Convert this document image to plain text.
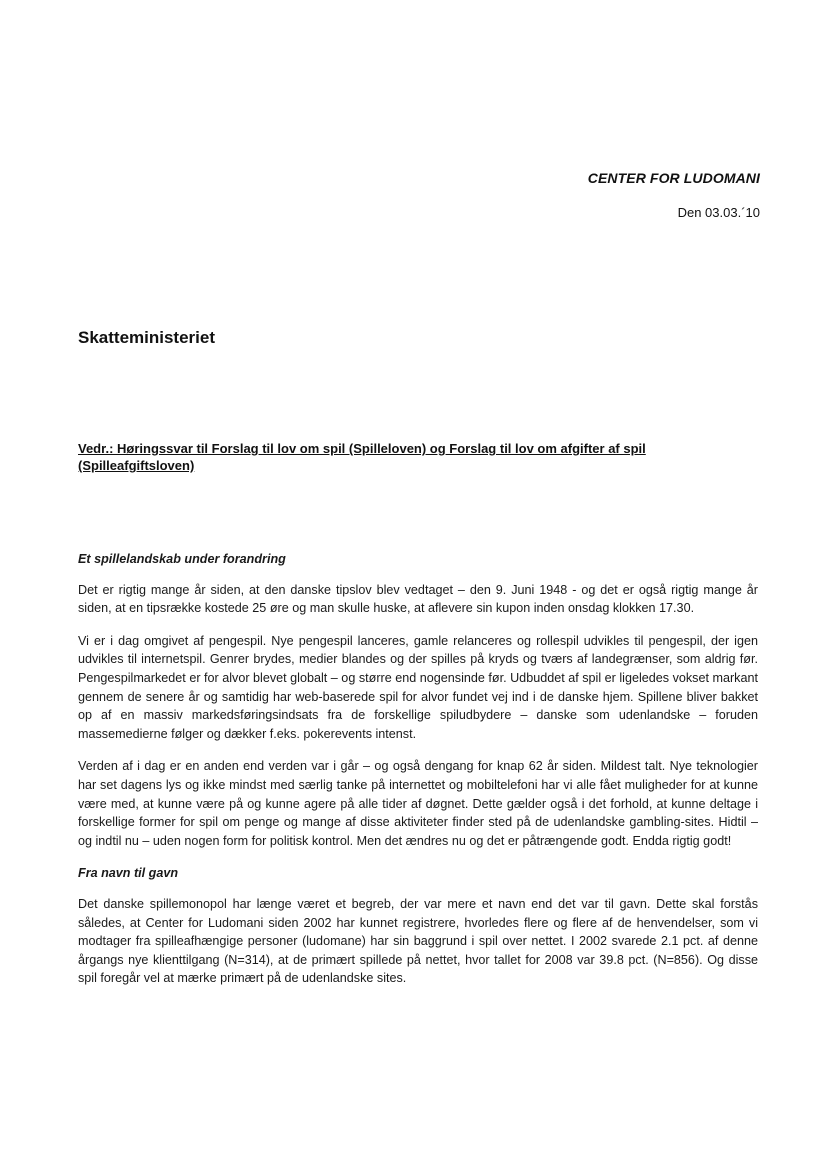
CENTER FOR LUDOMANI
Den 03.03.´10
Skatteministeriet
Vedr.: Høringssvar til Forslag til lov om spil (Spilleloven) og Forslag til lov om afgifter af spil (Spilleafgiftsloven)
Et spillelandskab under forandring

Det er rigtig mange år siden, at den danske tipslov blev vedtaget – den 9. Juni 1948 - og det er også rigtig mange år siden, at en tipsrække kostede 25 øre og man skulle huske, at aflevere sin kupon inden onsdag klokken 17.30.

Vi er i dag omgivet af pengespil. Nye pengespil lanceres, gamle relanceres og rollespil udvikles til pengespil, der igen udvikles til internetspil. Genrer brydes, medier blandes og der spilles på kryds og tværs af landegrænser, som aldrig før. Pengespilmarkedet er for alvor blevet globalt – og større end nogensinde før. Udbuddet af spil er ligeledes vokset markant gennem de senere år og samtidig har web-baserede spil for alvor fundet vej ind i de danske hjem. Spillene bliver bakket op af en massiv markedsføringsindsats fra de forskellige spiludbydere – danske som udenlandske – foruden massemedierne følger og dækker f.eks. pokerevents intenst.

Verden af i dag er en anden end verden var i går – og også dengang for knap 62 år siden. Mildest talt. Nye teknologier har set dagens lys og ikke mindst med særlig tanke på internettet og mobiltelefoni har vi alle fået muligheder for at kunne være med, at kunne være på og kunne agere på alle tider af døgnet. Dette gælder også i det forhold, at kunne deltage i forskellige former for spil om penge og mange af disse aktiviteter finder sted på de udenlandske gambling-sites. Hidtil – og indtil nu – uden nogen form for politisk kontrol. Men det ændres nu og det er påtrængende godt. Endda rigtig godt!

Fra navn til gavn

Det danske spillemonopol har længe været et begreb, der var mere et navn end det var til gavn. Dette skal forstås således, at Center for Ludomani siden 2002 har kunnet registrere, hvorledes flere og flere af de henvendelser, som vi modtager fra spilleafhængige personer (ludomane) har sin baggrund i spil over nettet. I 2002 svarede 2.1 pct. af denne årgangs nye klienttilgang (N=314), at de primært spillede på nettet, hvor tallet for 2008 var 39.8 pct. (N=856). Og disse spil foregår vel at mærke primært på de udenlandske sites.
